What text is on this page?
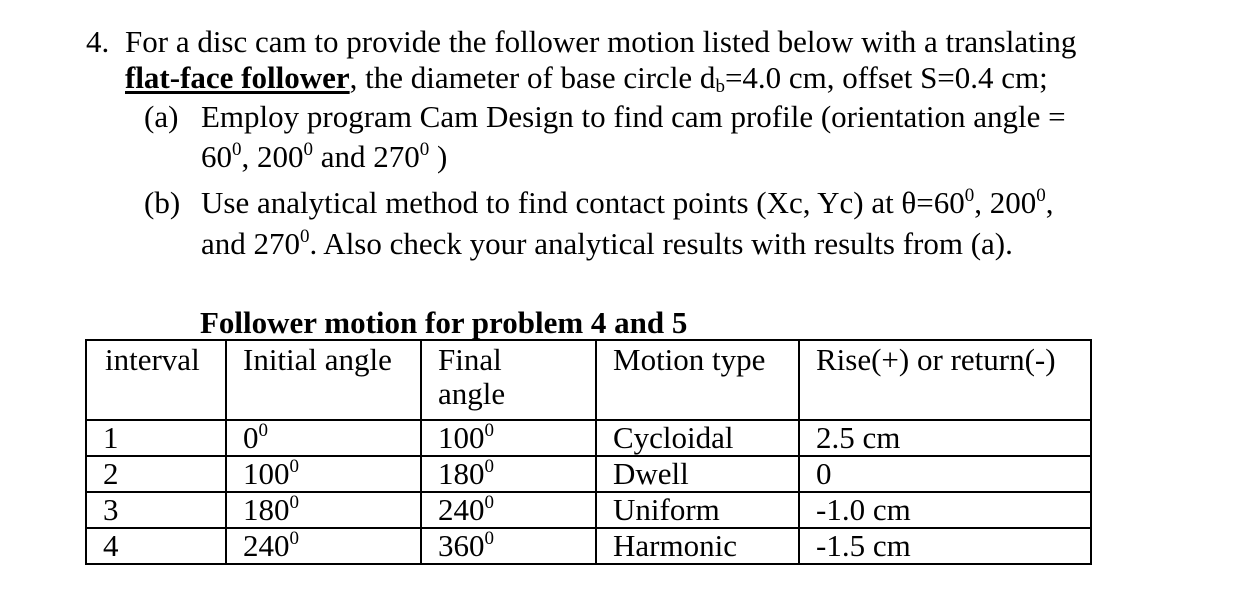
4. For a disc cam to provide the follower motion listed below with a translating
flat-face follower, the diameter of base circle $d_b=4.0$ cm, offset S=0.4 cm;
(a) Employ program Cam Design to find cam profile (orientation angle =
$60^0$, $200^0$ and $270^0$ )
(b) Use analytical method to find contact points (Xc, Yc) at $\theta=60^0$, $200^0$,
and $270^0$. Also check your analytical results with results from (a).
Follower motion for problem 4 and 5
interval	Initial angle	Final angle	Motion type	Rise(+) or return(-)
1	$0^0$	$100^0$	Cycloidal	2.5 cm
2	$100^0$	$180^0$	Dwell	0
3	$180^0$	$240^0$	Uniform	-1.0 cm
4	$240^0$	$360^0$	Harmonic	-1.5 cm
